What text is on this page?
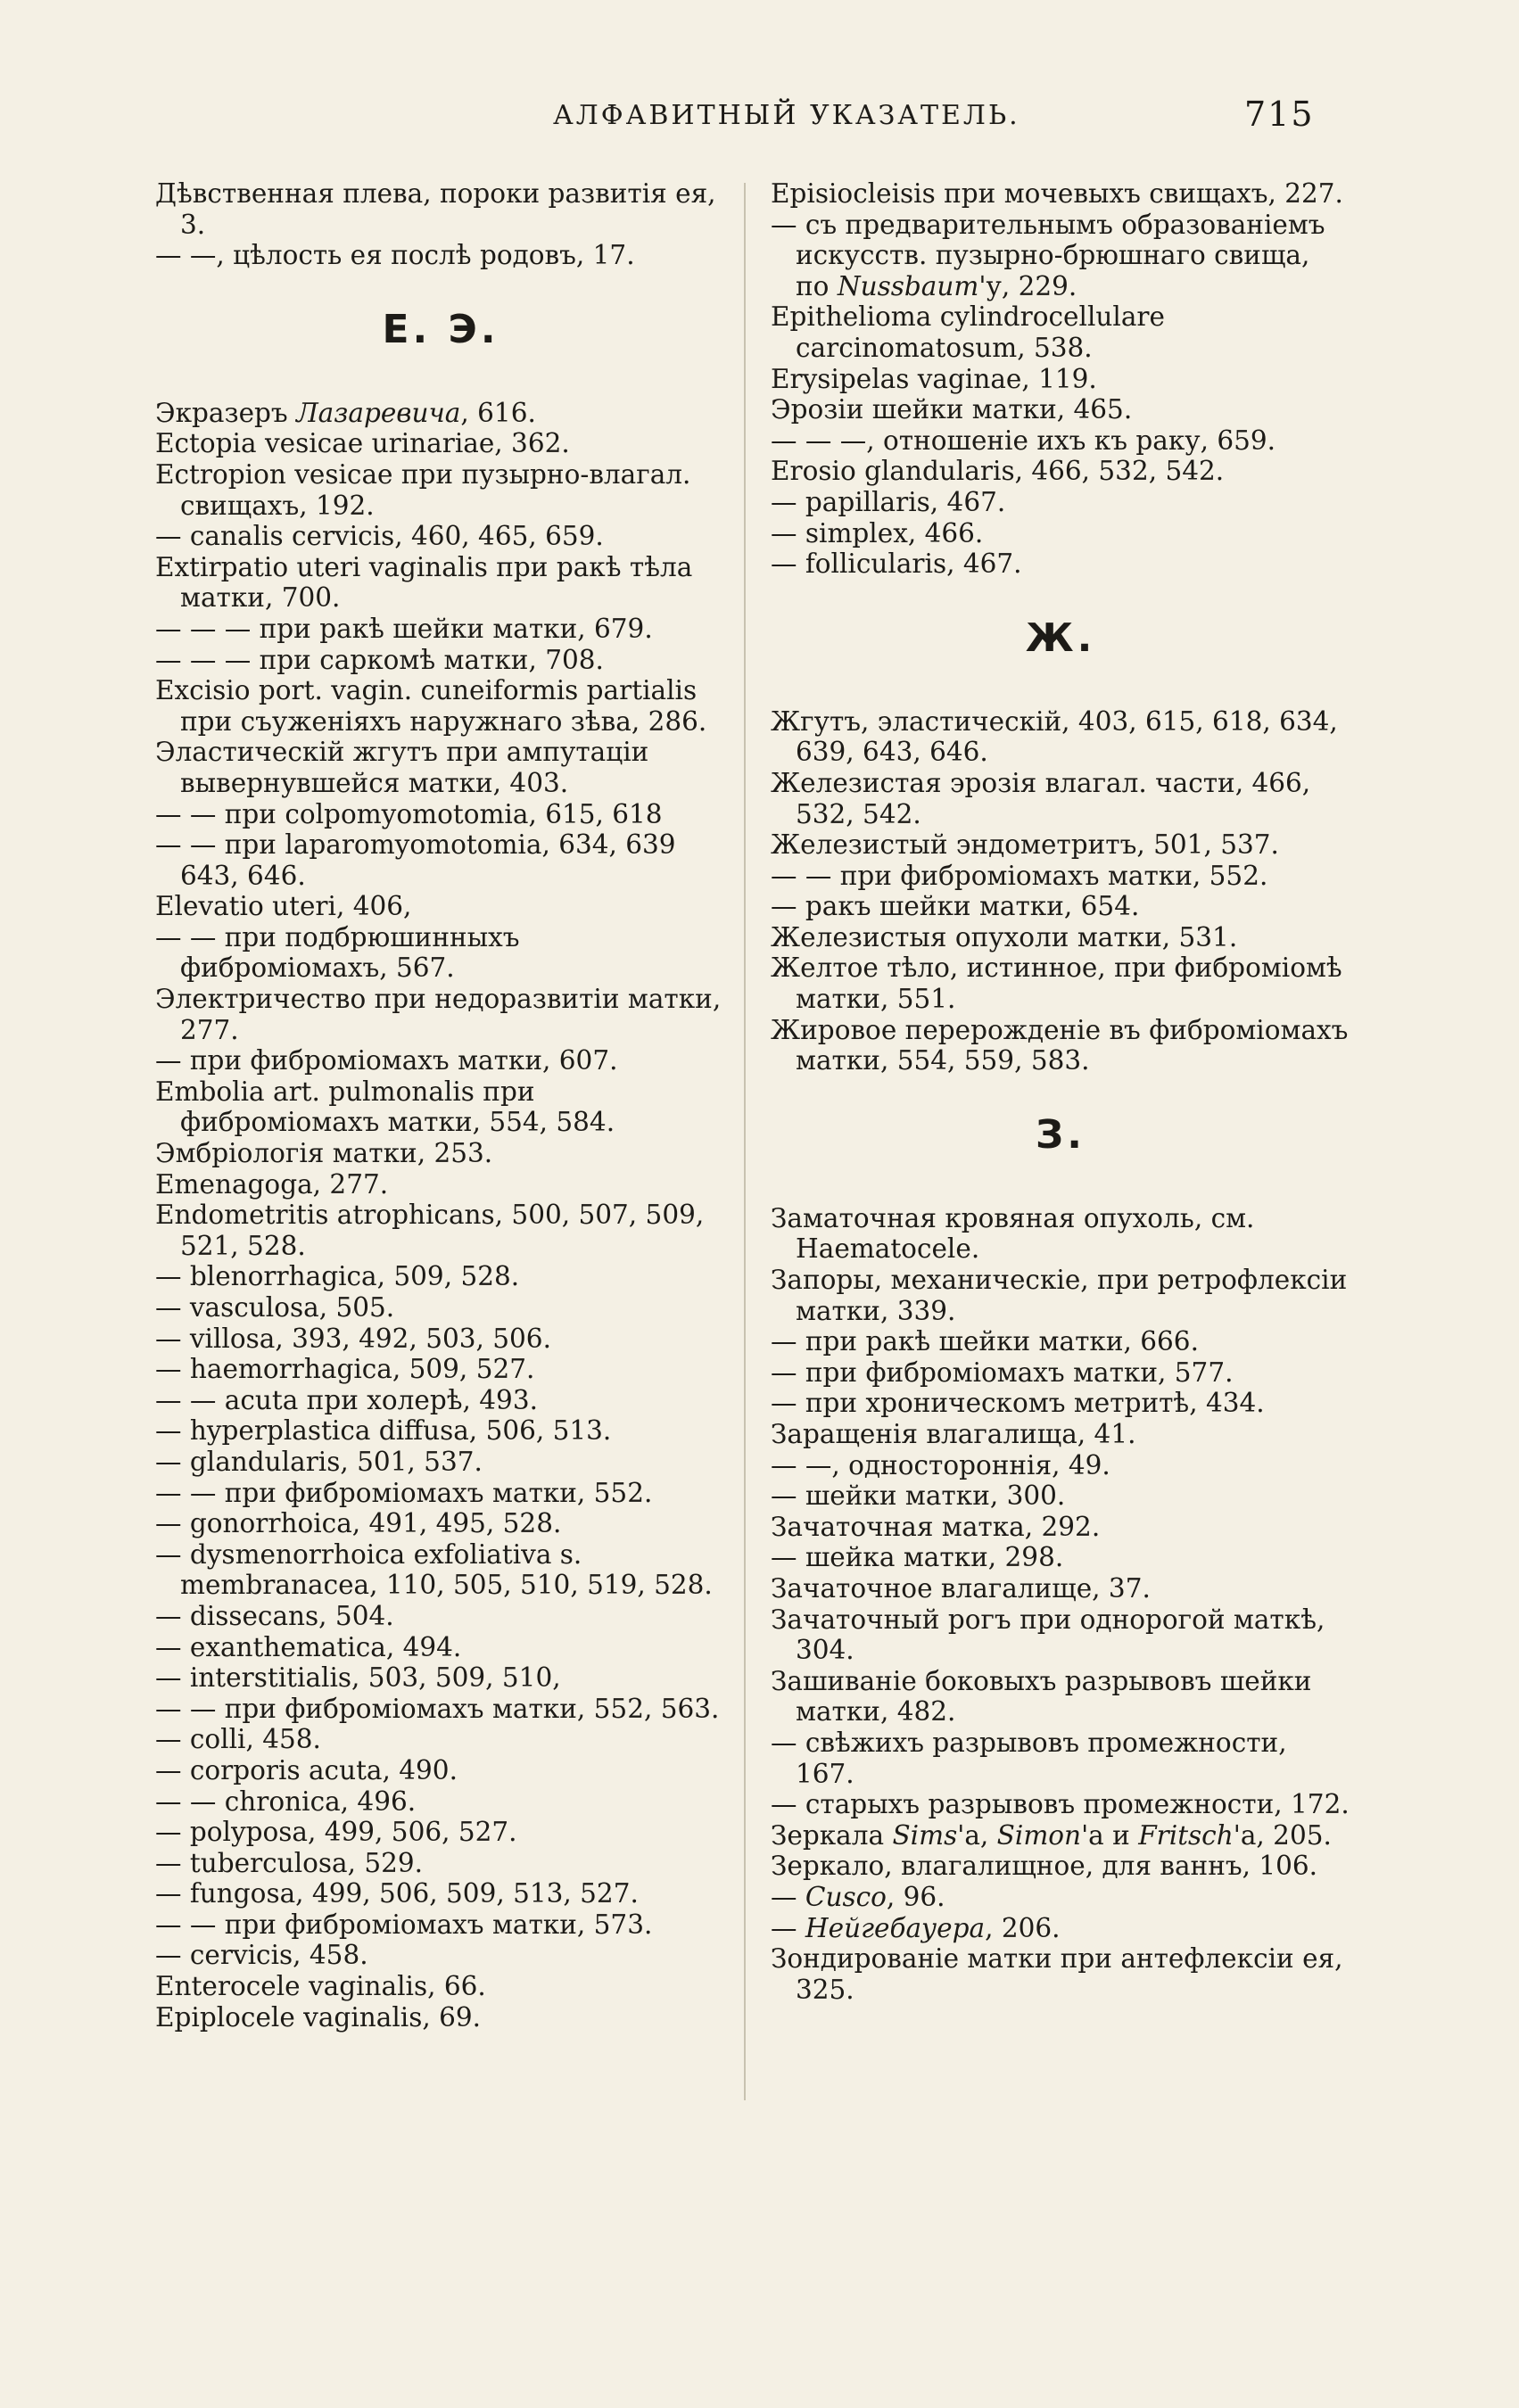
АЛФАВИТНЫЙ УКАЗАТЕЛЬ.	715

Дѣвственная плева, пороки развитія ея, 3.

— —, цѣлость ея послѣ родовъ, 17.

Е. Э.

Экразеръ Лазаревича, 616.

Ectopia vesicae urinariae, 362.

Ectropion vesicae при пузырно-влагал. свищахъ, 192.

— canalis cervicis, 460, 465, 659.

Extirpatio uteri vaginalis при ракѣ тѣла матки, 700.

— — — при ракѣ шейки матки, 679.

— — — при саркомѣ матки, 708.

Excisio port. vagin. cuneiformis partialis при съуженіяхъ наружнаго зѣва, 286.

Эластическій жгутъ при ампутаціи вывернувшейся матки, 403.

— — при colpomyomotomia, 615, 618

— — при laparomyomotomia, 634, 639 643, 646.

Elevatio uteri, 406,

— — при подбрюшинныхъ фиброміомахъ, 567.

Электричество при недоразвитіи матки, 277.

— при фиброміомахъ матки, 607.

Embolia art. pulmonalis при фиброміомахъ матки, 554, 584.

Эмбріологія матки, 253.

Emenagoga, 277.

Endometritis atrophicans, 500, 507, 509, 521, 528.

— blenorrhagica, 509, 528.

— vasculosa, 505.

— villosa, 393, 492, 503, 506.

— haemorrhagica, 509, 527.

— — acuta при холерѣ, 493.

— hyperplastica diffusa, 506, 513.

— glandularis, 501, 537.

— — при фиброміомахъ матки, 552.

— gonorrhoica, 491, 495, 528.

— dysmenorrhoica exfoliativa s. membranacea, 110, 505, 510, 519, 528.

— dissecans, 504.

— exanthematica, 494.

— interstitialis, 503, 509, 510,

— — при фиброміомахъ матки, 552, 563.

— colli, 458.

— corporis acuta, 490.

— — chronica, 496.

— polyposa, 499, 506, 527.

— tuberculosa, 529.

— fungosa, 499, 506, 509, 513, 527.

— — при фиброміомахъ матки, 573.

— cervicis, 458.

Enterocele vaginalis, 66.

Epiplocele vaginalis, 69.

Episiocleisis при мочевыхъ свищахъ, 227.

— съ предварительнымъ образованіемъ искусств. пузырно-брюшнаго свища, по Nussbaum'у, 229.

Epithelioma cylindrocellulare carcinomatosum, 538.

Erysipelas vaginae, 119.

Эрозіи шейки матки, 465.

— — —, отношеніе ихъ къ раку, 659.

Erosio glandularis, 466, 532, 542.

— papillaris, 467.

— simplex, 466.

— follicularis, 467.

Ж.

Жгутъ, эластическій, 403, 615, 618, 634, 639, 643, 646.

Железистая эрозія влагал. части, 466, 532, 542.

Железистый эндометритъ, 501, 537.

— — при фиброміомахъ матки, 552.

— ракъ шейки матки, 654.

Железистыя опухоли матки, 531.

Желтое тѣло, истинное, при фиброміомѣ матки, 551.

Жировое перерожденіе въ фиброміомахъ матки, 554, 559, 583.

З.

Заматочная кровяная опухоль, см. Haematocele.

Запоры, механическіе, при ретрофлексіи матки, 339.

— при ракѣ шейки матки, 666.

— при фиброміомахъ матки, 577.

— при хроническомъ метритѣ, 434.

Заращенія влагалища, 41.

— —, одностороннія, 49.

— шейки матки, 300.

Зачаточная матка, 292.

— шейка матки, 298.

Зачаточное влагалище, 37.

Зачаточный рогъ при однорогой маткѣ, 304.

Зашиваніе боковыхъ разрывовъ шейки матки, 482.

— свѣжихъ разрывовъ промежности, 167.

— старыхъ разрывовъ промежности, 172.

Зеркала Sims'a, Simon'a и Fritsch'a, 205.

Зеркало, влагалищное, для ваннъ, 106.

— Cusco, 96.

— Нейгебауера, 206.

Зондированіе матки при антефлексіи ея, 325.
